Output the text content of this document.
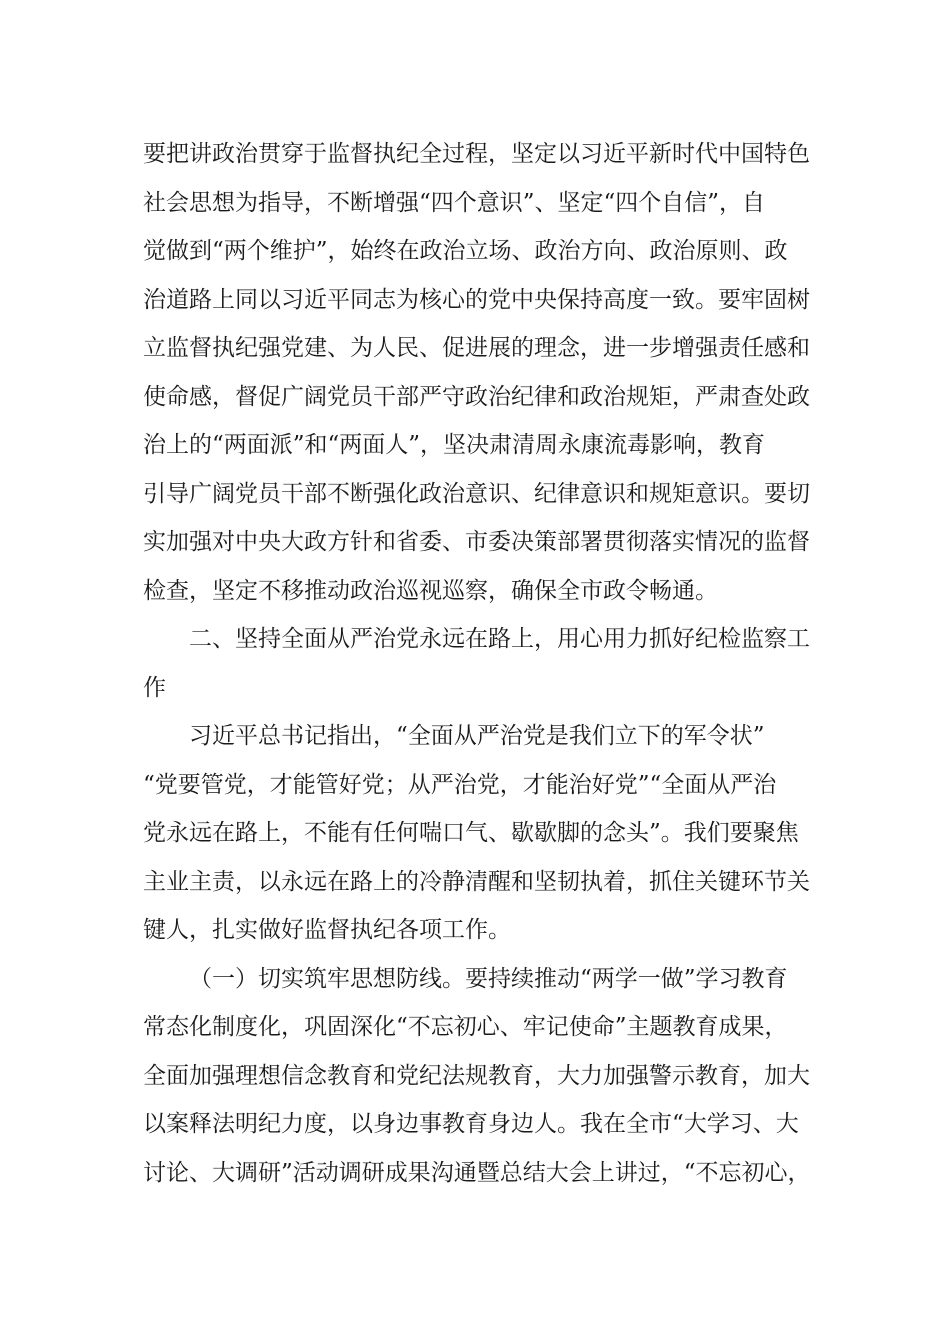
要把讲政治贯穿于监督执纪全过程，坚定以习近平新时代中国特色
社会思想为指导，不断增强“四个意识”、坚定“四个自信”，自
觉做到“两个维护”，始终在政治立场、政治方向、政治原则、政
治道路上同以习近平同志为核心的党中央保持高度一致。要牢固树
立监督执纪强党建、为人民、促进展的理念，进一步增强责任感和
使命感，督促广阔党员干部严守政治纪律和政治规矩，严肃查处政
治上的“两面派”和“两面人”，坚决肃清周永康流毒影响，教育
引导广阔党员干部不断强化政治意识、纪律意识和规矩意识。要切
实加强对中央大政方针和省委、市委决策部署贯彻落实情况的监督
检查，坚定不移推动政治巡视巡察，确保全市政令畅通。
二、坚持全面从严治党永远在路上，用心用力抓好纪检监察工
作
习近平总书记指出，“全面从严治党是我们立下的军令状”
“党要管党，才能管好党；从严治党，才能治好党”“全面从严治
党永远在路上，不能有任何喘口气、歇歇脚的念头”。我们要聚焦
主业主责，以永远在路上的冷静清醒和坚韧执着，抓住关键环节关
键人，扎实做好监督执纪各项工作。
（一）切实筑牢思想防线。要持续推动“两学一做”学习教育
常态化制度化，巩固深化“不忘初心、牢记使命”主题教育成果，
全面加强理想信念教育和党纪法规教育，大力加强警示教育，加大
以案释法明纪力度，以身边事教育身边人。我在全市“大学习、大
讨论、大调研”活动调研成果沟通暨总结大会上讲过，“不忘初心，
